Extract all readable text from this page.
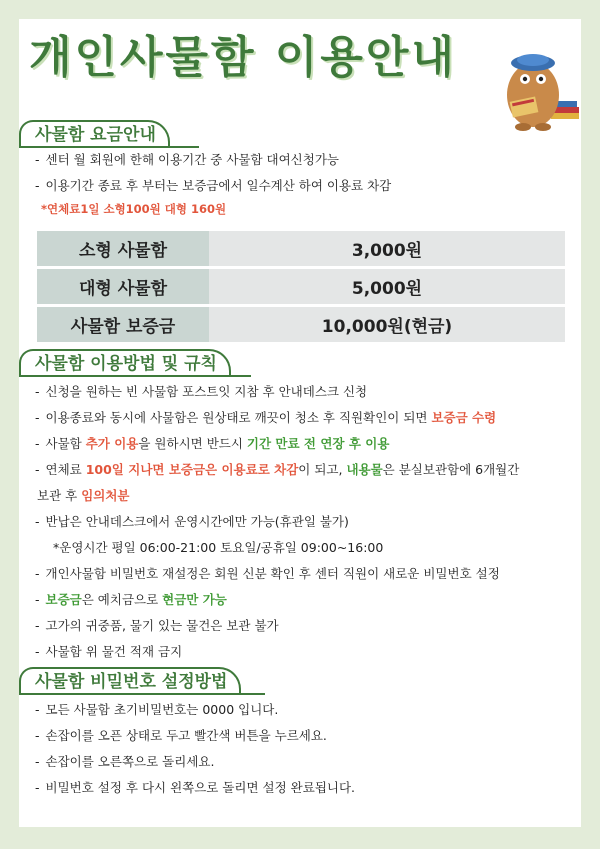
개인사물함 이용안내
사물함 요금안내
- 센터 월 회원에 한해 이용기간 중 사물함 대여신청가능
- 이용기간 종료 후 부터는 보증금에서 일수계산 하여 이용료 차감
*연체료1일 소형100원 대형 160원
소형 사물함	3,000원
대형 사물함	5,000원
사물함 보증금	10,000원(현금)
사물함 이용방법 및 규칙
- 신청을 원하는 빈 사물함 포스트잇 지참 후 안내데스크 신청
- 이용종료와 동시에 사물함은 원상태로 깨끗이 청소 후 직원확인이 되면 보증금 수령
- 사물함 추가 이용을 원하시면 반드시 기간 만료 전 연장 후 이용
- 연체료 100일 지나면 보증금은 이용료로 차감이 되고, 내용물은 분실보관함에 6개월간
보관 후 임의처분
- 반납은 안내데스크에서 운영시간에만 가능(휴관일 불가)
*운영시간 평일 06:00-21:00 토요일/공휴일 09:00~16:00
- 개인사물함 비밀번호 재설정은 회원 신분 확인 후 센터 직원이 새로운 비밀번호 설정
- 보증금은 예치금으로 현금만 가능
- 고가의 귀중품, 물기 있는 물건은 보관 불가
- 사물함 위 물건 적재 금지
사물함 비밀번호 설정방법
- 모든 사물함 초기비밀번호는 0000 입니다.
- 손잡이를 오픈 상태로 두고 빨간색 버튼을 누르세요.
- 손잡이를 오른쪽으로 돌리세요.
- 비밀번호 설정 후 다시 왼쪽으로 돌리면 설정 완료됩니다.
수영구민체육센터
